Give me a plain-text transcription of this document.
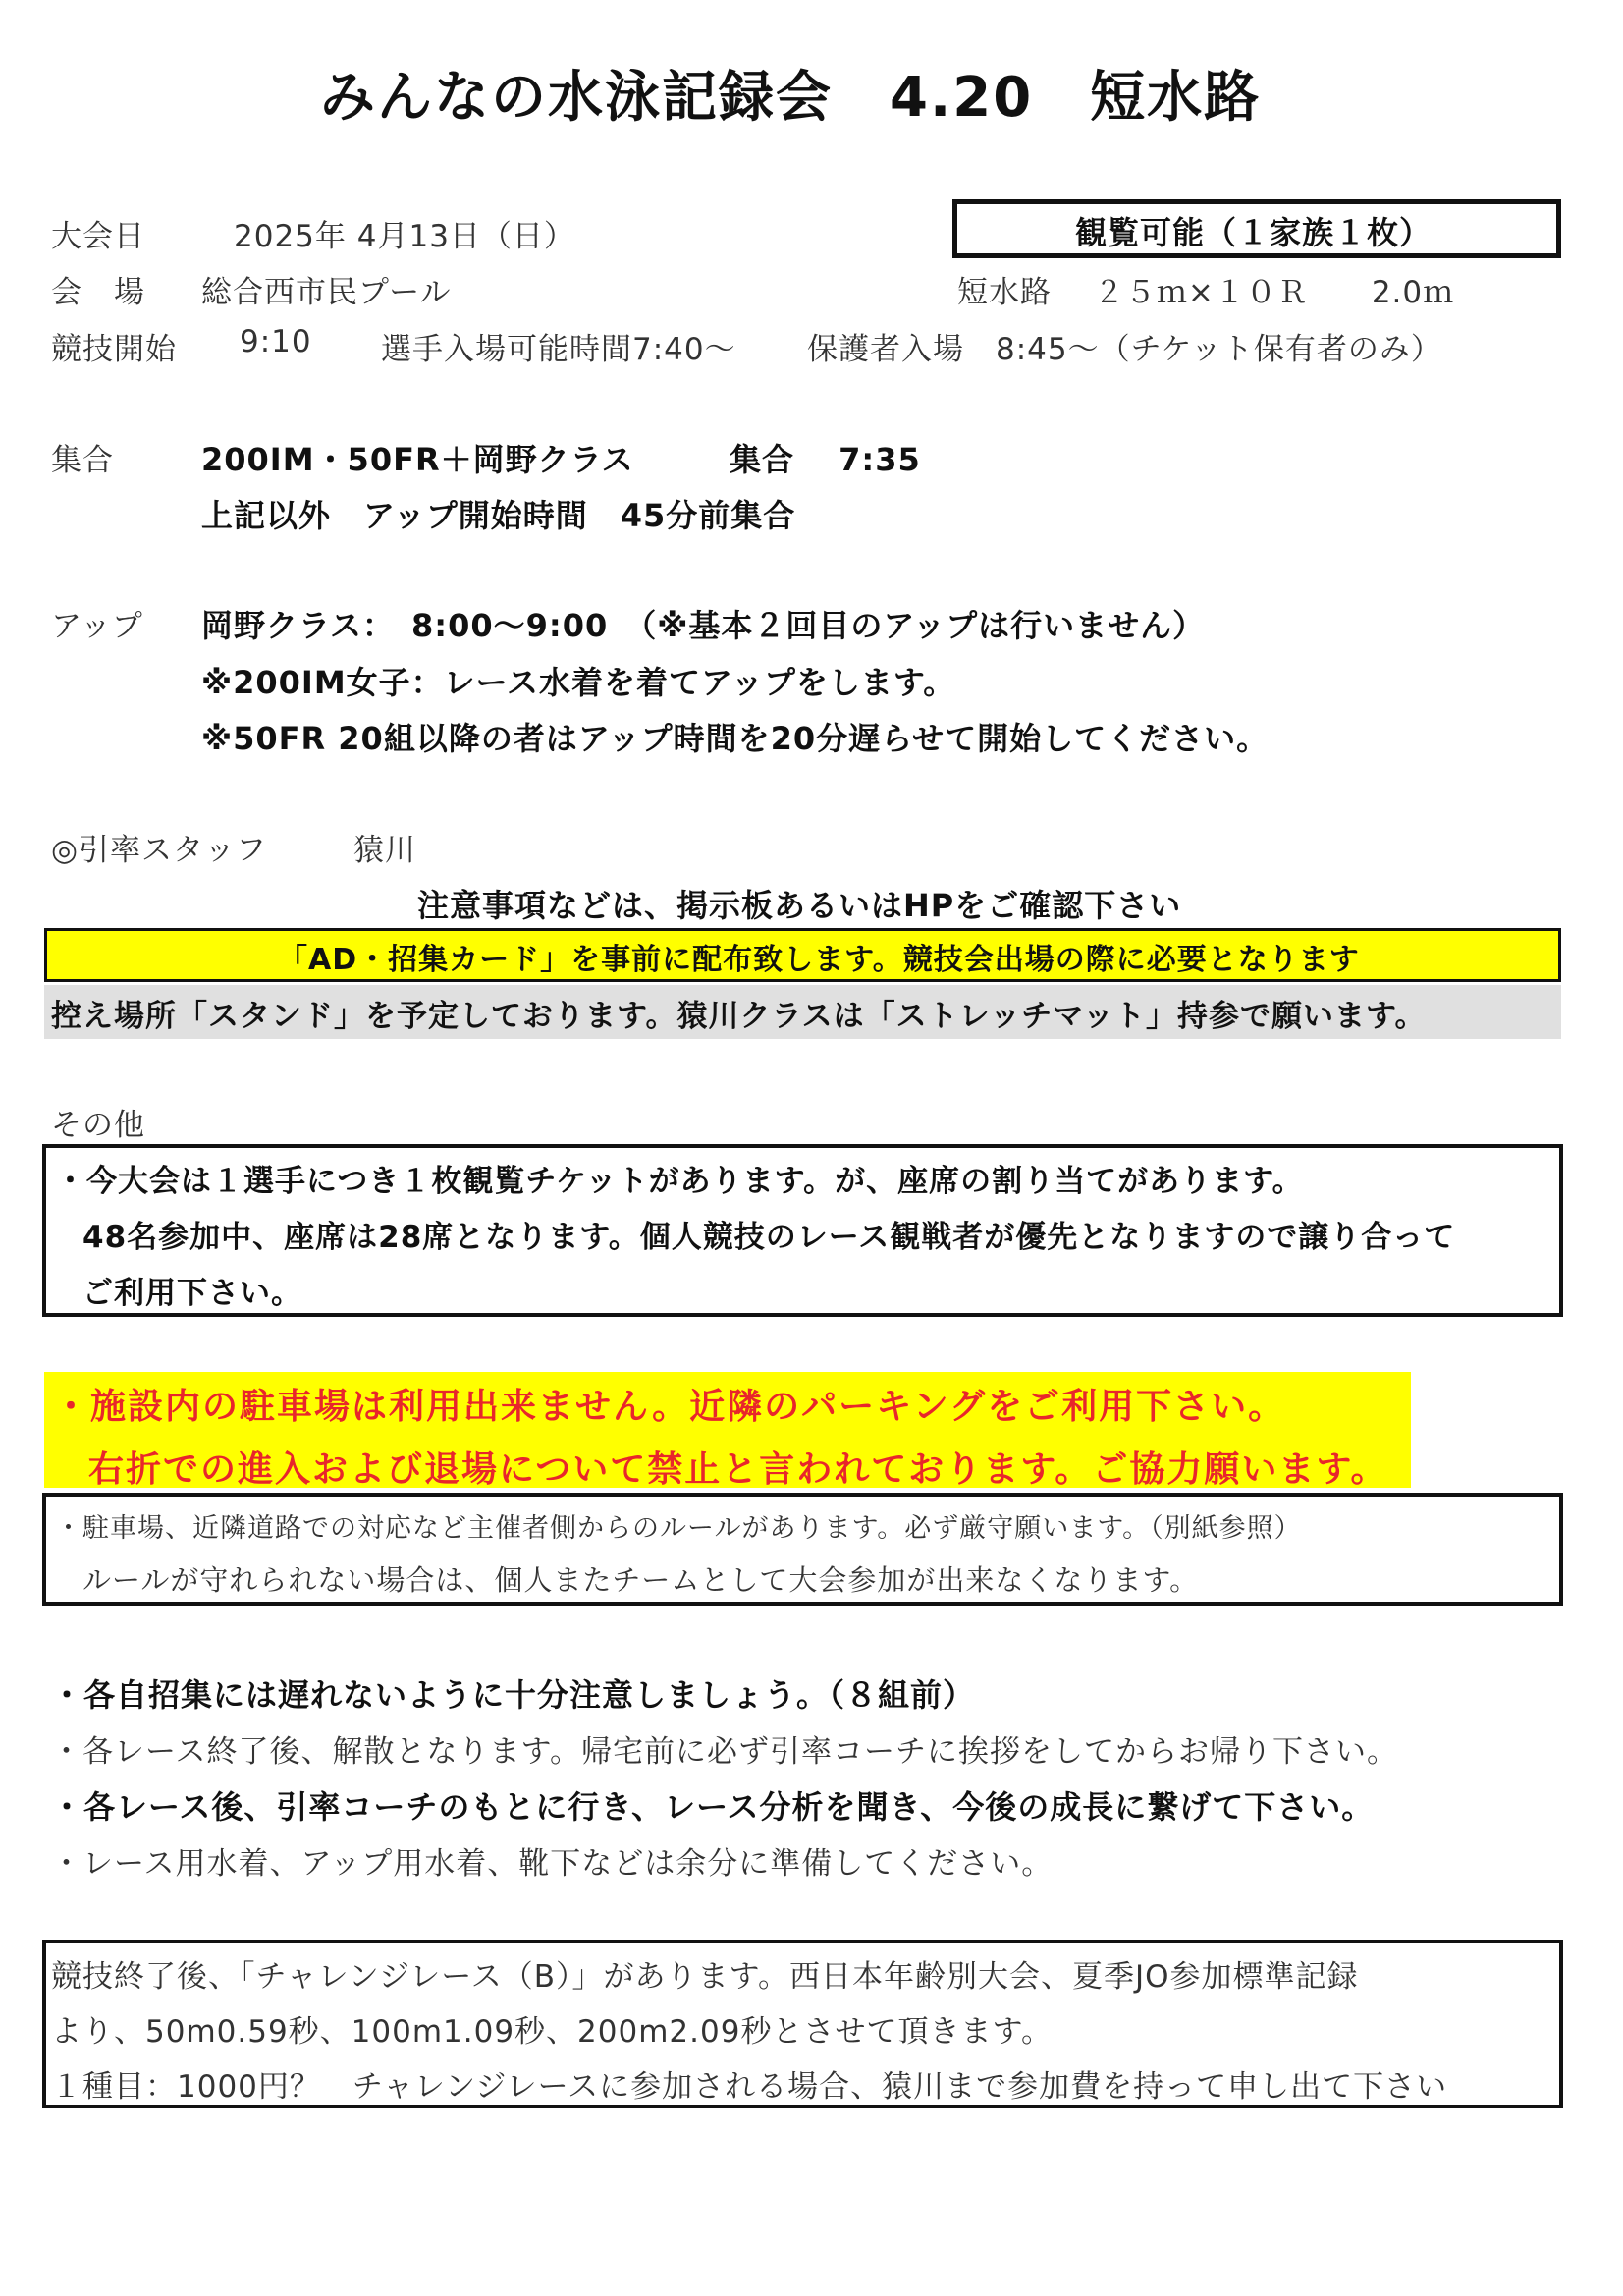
みんなの水泳記録会　4.20　短水路
大会日	2025年 4月13日（日）	観覧可能（１家族１枚）
会　場 総合西市民プール	短水路　 ２５ｍ×１０Ｒ　　2.0ｍ
競技開始 9:10 選手入場可能時間7:40～ 保護者入場　8:45～（チケット保有者のみ）
集合	200IM・50FR＋岡野クラス	集合　 7:35
上記以外　アップ開始時間　45分前集合
アップ 岡野クラス：　8:00～9:00　（※基本２回目のアップは行いません）
※200IM女子：レース水着を着てアップをします。
※50FR 20組以降の者はアップ時間を20分遅らせて開始してください。
◎引率スタッフ	猿川
注意事項などは、掲示板あるいはHPをご確認下さい
「AD・招集カード」を事前に配布致します。競技会出場の際に必要となります
控え場所「スタンド」を予定しております。猿川クラスは「ストレッチマット」持参で願います。
その他
・今大会は１選手につき１枚観覧チケットがあります。が、座席の割り当てがあります。
48名参加中、座席は28席となります。個人競技のレース観戦者が優先となりますので譲り合って
ご利用下さい。
・施設内の駐車場は利用出来ません。近隣のパーキングをご利用下さい。
右折での進入および退場について禁止と言われております。ご協力願います。
・駐車場、近隣道路での対応など主催者側からのルールがあります。必ず厳守願います。（別紙参照）
ルールが守れられない場合は、個人またチームとして大会参加が出来なくなります。
・各自招集には遅れないように十分注意しましょう。（８組前）
・各レース終了後、解散となります。帰宅前に必ず引率コーチに挨拶をしてからお帰り下さい。
・各レース後、引率コーチのもとに行き、レース分析を聞き、今後の成長に繋げて下さい。
・レース用水着、アップ用水着、靴下などは余分に準備してください。
競技終了後、「チャレンジレース（B）」があります。西日本年齢別大会、夏季JO参加標準記録
より、50m0.59秒、100m1.09秒、200m2.09秒とさせて頂きます。
１種目：1000円？　チャレンジレースに参加される場合、猿川まで参加費を持って申し出て下さい
